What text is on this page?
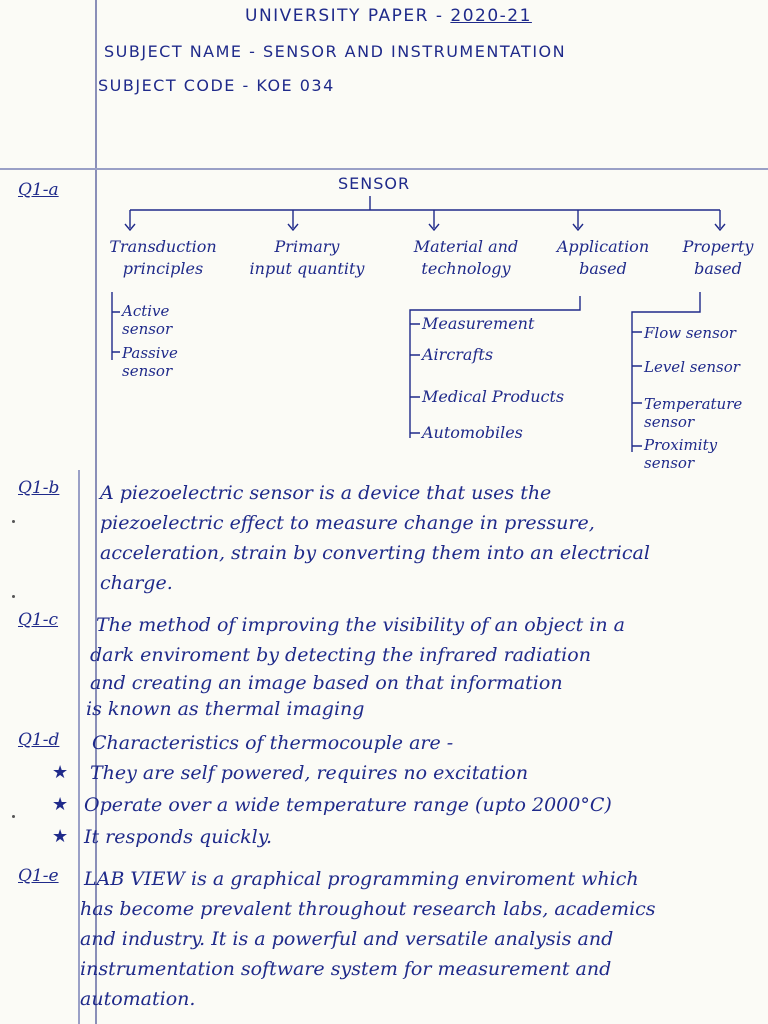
UNIVERSITY PAPER - 2020-21
SUBJECT NAME - SENSOR AND INSTRUMENTATION
SUBJECT CODE - KOE 034
Q1-a	SENSOR
Transduction
principles
Primary
input quantity
Material and
technology
Application
based
Property
based
Active sensor
Passive sensor
Measurement
Aircrafts
Medical Products
Automobiles
Flow sensor
Level sensor
Temperature sensor
Proximity sensor
Q1-b A piezoelectric sensor is a device that uses the
piezoelectric effect to measure change in pressure,
acceleration, strain by converting them into an electrical
charge.
Q1-c The method of improving the visibility of an object in a
dark enviroment by detecting the infrared radiation
and creating an image based on that information
is known as thermal imaging
Q1-d Characteristics of thermocouple are -
★ They are self powered, requires no excitation
★ Operate over a wide temperature range (upto 2000°C)
★ It responds quickly.
Q1-e LAB VIEW is a graphical programming enviroment which
has become prevalent throughout research labs, academics
and industry. It is a powerful and versatile analysis and
instrumentation software system for measurement and
automation.
